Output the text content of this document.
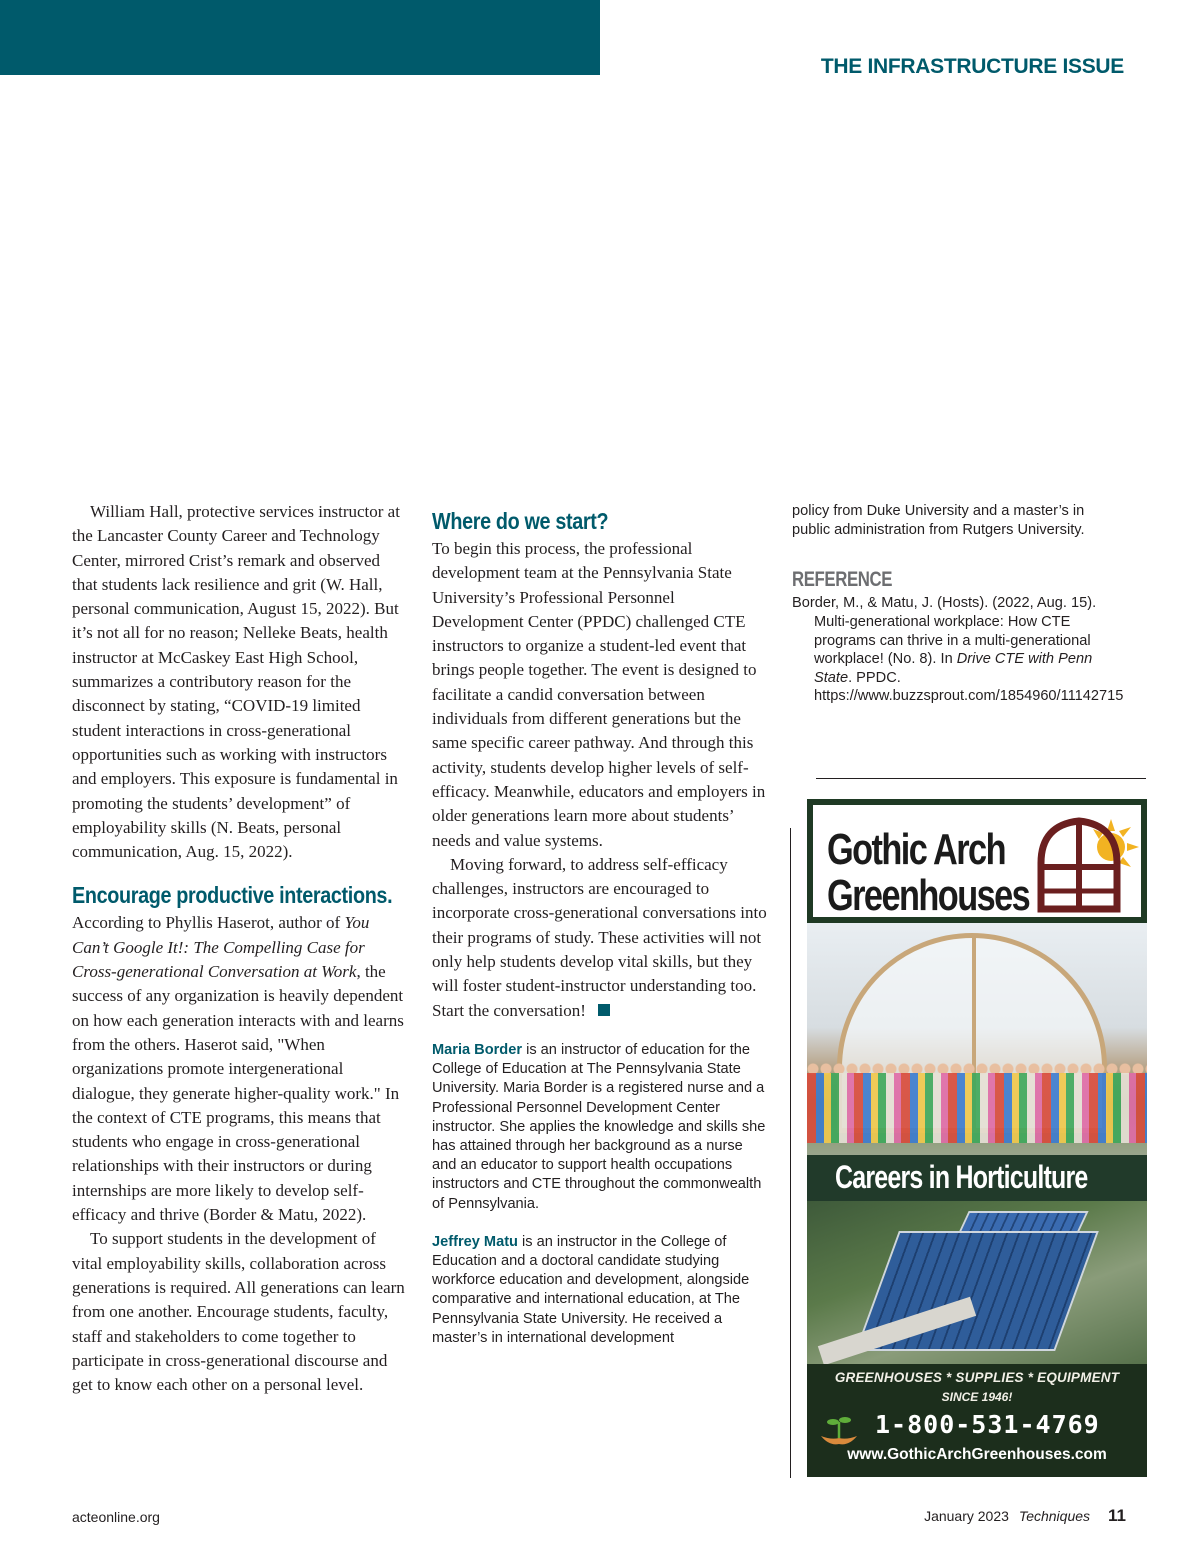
THE INFRASTRUCTURE ISSUE

William Hall, protective services instructor at the Lancaster County Career and Technology Center, mirrored Crist’s remark and observed that students lack resilience and grit (W. Hall, personal communication, August 15, 2022). But it’s not all for no reason; Nelleke Beats, health instructor at McCaskey East High School, summarizes a contributory reason for the disconnect by stating, “COVID-19 limited student interactions in cross-generational opportunities such as working with instructors and employers. This exposure is fundamental in promoting the students’ development” of employability skills (N. Beats, personal communication, Aug. 15, 2022).

Encourage productive interactions.

According to Phyllis Haserot, author of You Can’t Google It!: The Compelling Case for Cross-generational Conversation at Work, the success of any organization is heavily dependent on how each generation interacts with and learns from the others. Haserot said, "When organizations promote intergenerational dialogue, they generate higher-quality work." In the context of CTE programs, this means that students who engage in cross-generational relationships with their instructors or during internships are more likely to develop self-efficacy and thrive (Border & Matu, 2022).

To support students in the development of vital employability skills, collaboration across generations is required. All generations can learn from one another. Encourage students, faculty, staff and stakeholders to come together to participate in cross-generational discourse and get to know each other on a personal level.

Where do we start?

To begin this process, the professional development team at the Pennsylvania State University’s Professional Personnel Development Center (PPDC) challenged CTE instructors to organize a student-led event that brings people together. The event is designed to facilitate a candid conversation between individuals from different generations but the same specific career pathway. And through this activity, students develop higher levels of self-efficacy. Meanwhile, educators and employers in older generations learn more about students’ needs and value systems.

Moving forward, to address self-efficacy challenges, instructors are encouraged to incorporate cross-generational conversations into their programs of study. These activities will not only help students develop vital skills, but they will foster student-instructor understanding too. Start the conversation!

Maria Border is an instructor of education for the College of Education at The Pennsylvania State University. Maria Border is a registered nurse and a Professional Personnel Development Center instructor. She applies the knowledge and skills she has attained through her background as a nurse and an educator to support health occupations instructors and CTE throughout the commonwealth of Pennsylvania.

Jeffrey Matu is an instructor in the College of Education and a doctoral candidate studying workforce education and development, alongside comparative and international education, at The Pennsylvania State University. He received a master’s in international development

policy from Duke University and a master’s in public administration from Rutgers University.

REFERENCE

Border, M., & Matu, J. (Hosts). (2022, Aug. 15). Multi-generational workplace: How CTE programs can thrive in a multi-generational workplace! (No. 8). In Drive CTE with Penn State. PPDC. https://www.buzzsprout.com/1854960/11142715

Gothic Arch
Greenhouses
Careers in Horticulture
GREENHOUSES * SUPPLIES * EQUIPMENT
SINCE 1946!
1-800-531-4769
www.GothicArchGreenhouses.com
acteonline.org	January 2023 Techniques 11
